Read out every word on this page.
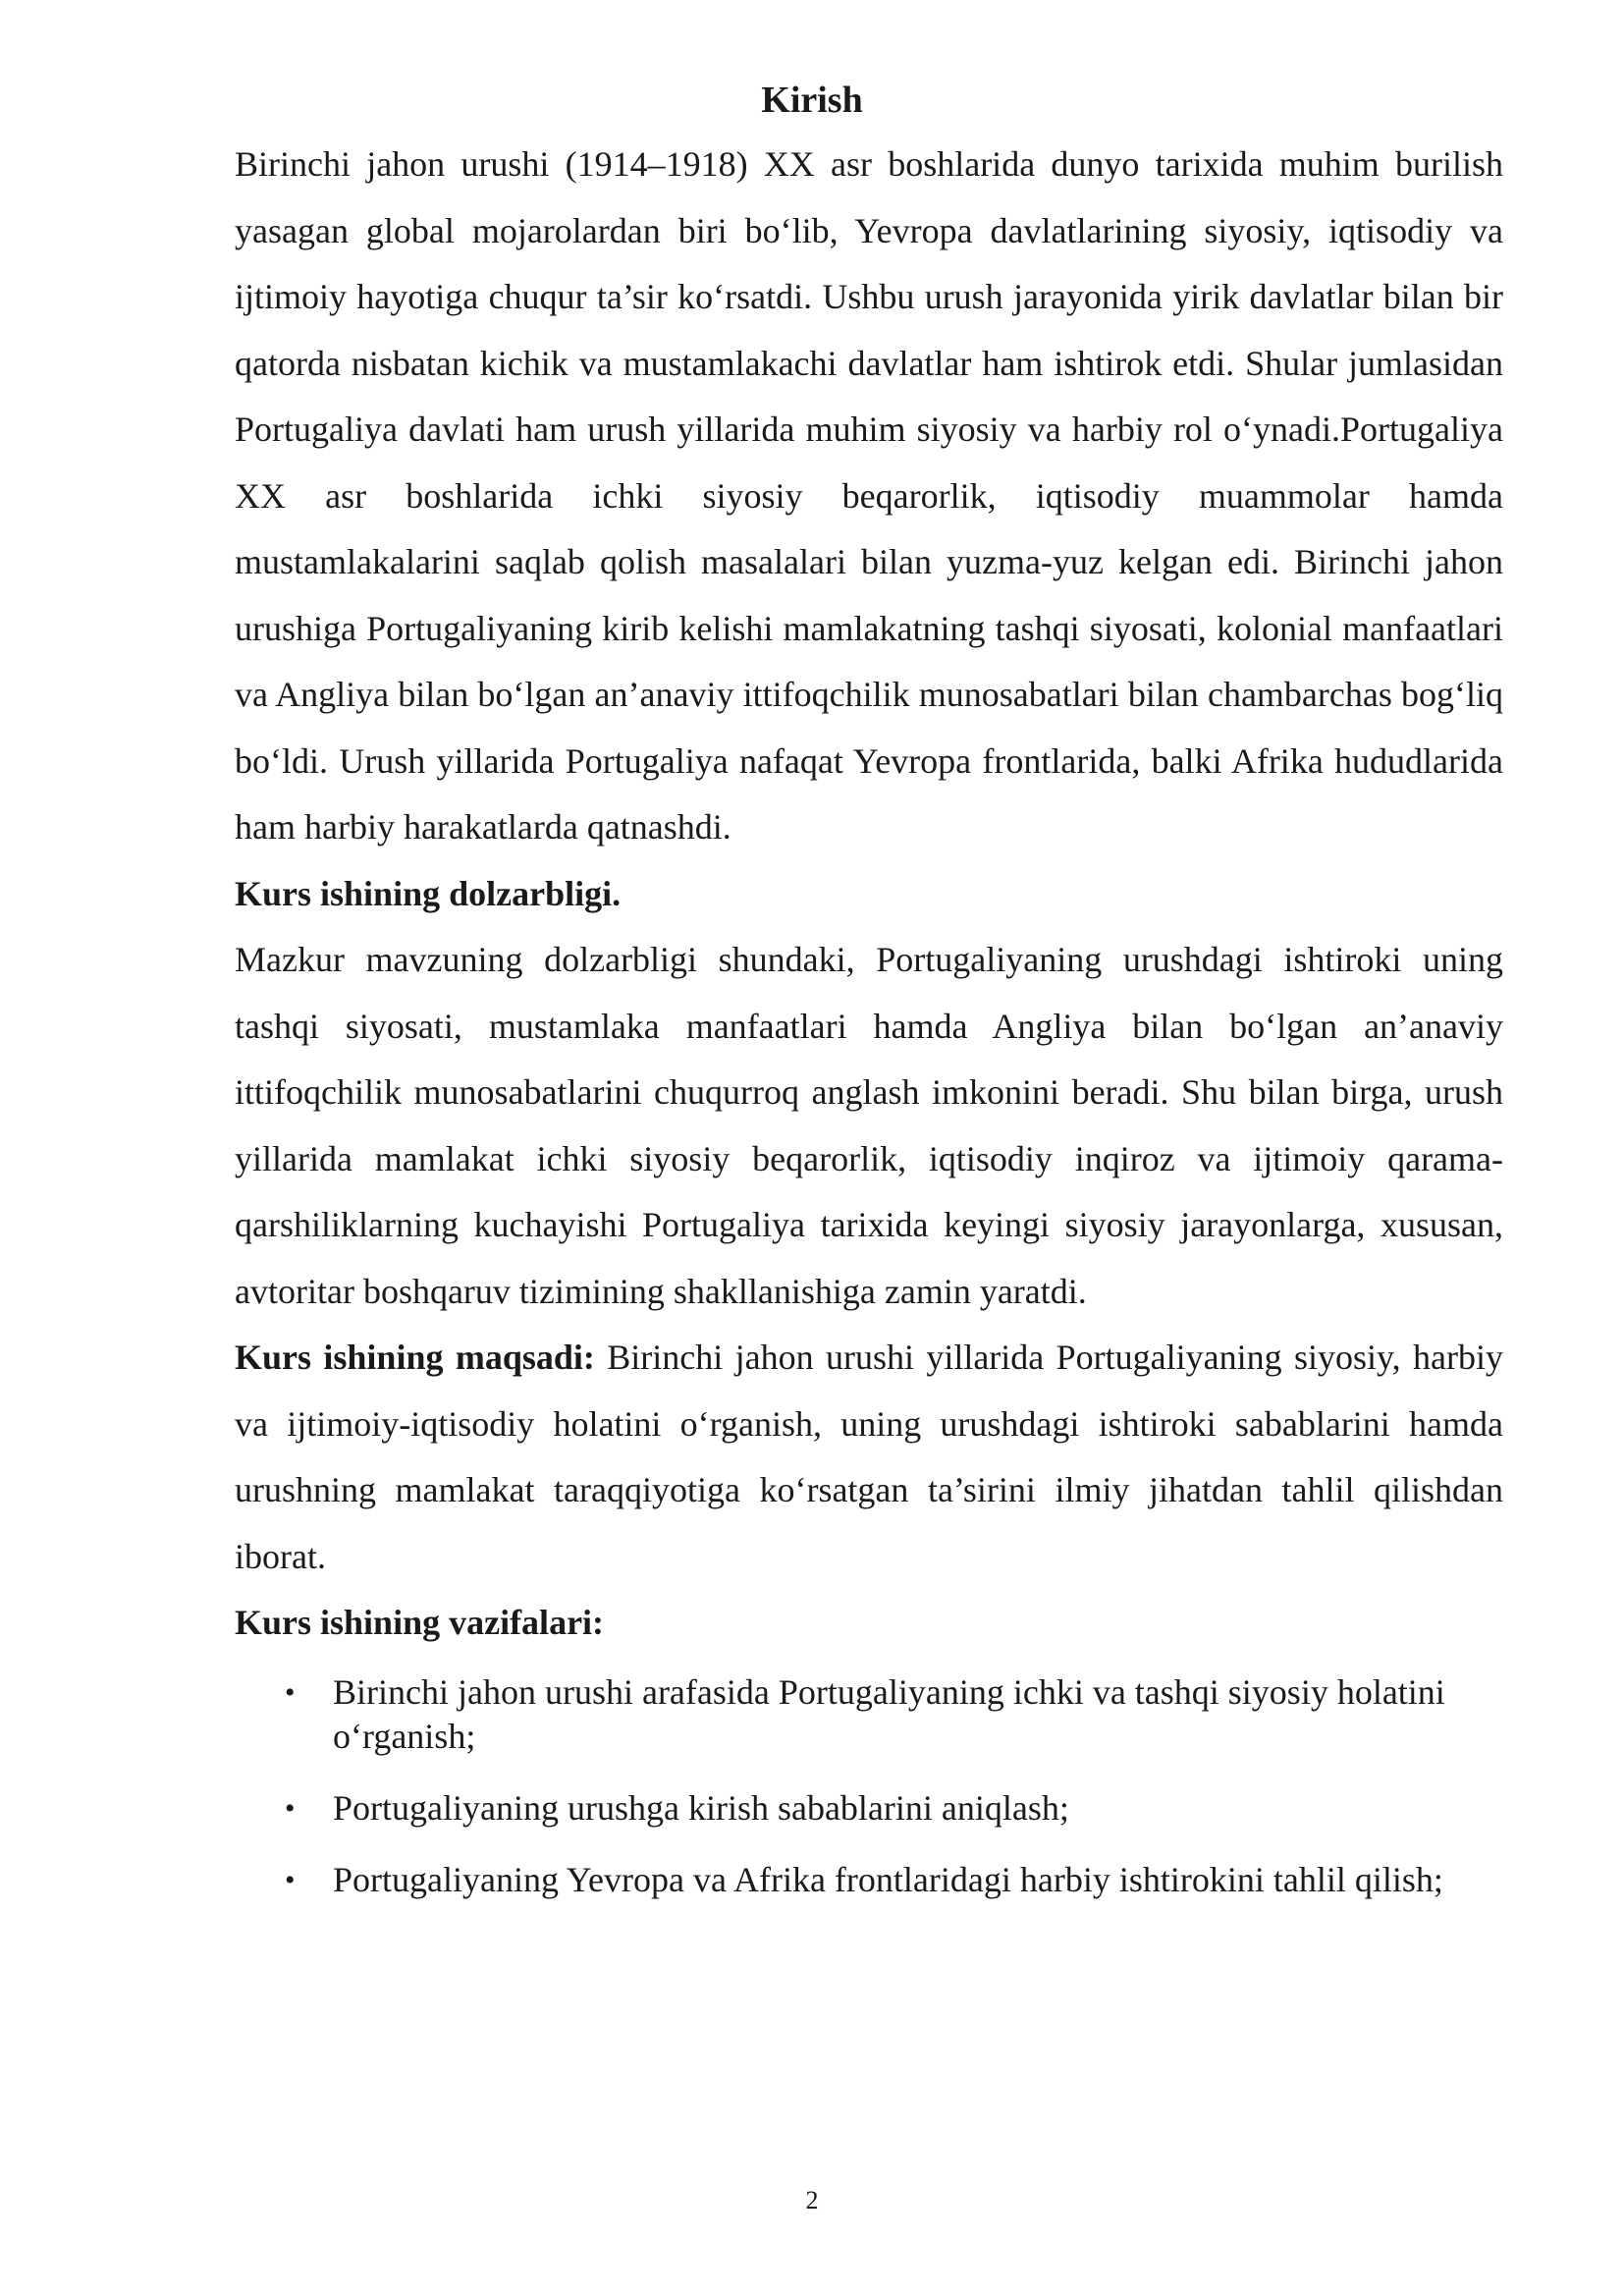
Kirish

Birinchi jahon urushi (1914–1918) XX asr boshlarida dunyo tarixida muhim burilish yasagan global mojarolardan biri bo‘lib, Yevropa davlatlarining siyosiy, iqtisodiy va ijtimoiy hayotiga chuqur ta’sir ko‘rsatdi. Ushbu urush jarayonida yirik davlatlar bilan bir qatorda nisbatan kichik va mustamlakachi davlatlar ham ishtirok etdi. Shular jumlasidan Portugaliya davlati ham urush yillarida muhim siyosiy va harbiy rol o‘ynadi.Portugaliya XX asr boshlarida ichki siyosiy beqarorlik, iqtisodiy muammolar hamda mustamlakalarini saqlab qolish masalalari bilan yuzma-yuz kelgan edi. Birinchi jahon urushiga Portugaliyaning kirib kelishi mamlakatning tashqi siyosati, kolonial manfaatlari va Angliya bilan bo‘lgan an’anaviy ittifoqchilik munosabatlari bilan chambarchas bog‘liq bo‘ldi. Urush yillarida Portugaliya nafaqat Yevropa frontlarida, balki Afrika hududlarida ham harbiy harakatlarda qatnashdi.

Kurs ishining dolzarbligi.

Mazkur mavzuning dolzarbligi shundaki, Portugaliyaning urushdagi ishtiroki uning tashqi siyosati, mustamlaka manfaatlari hamda Angliya bilan bo‘lgan an’anaviy ittifoqchilik munosabatlarini chuqurroq anglash imkonini beradi. Shu bilan birga, urush yillarida mamlakat ichki siyosiy beqarorlik, iqtisodiy inqiroz va ijtimoiy qarama-qarshiliklarning kuchayishi Portugaliya tarixida keyingi siyosiy jarayonlarga, xususan, avtoritar boshqaruv tizimining shakllanishiga zamin yaratdi.

Kurs ishining maqsadi: Birinchi jahon urushi yillarida Portugaliyaning siyosiy, harbiy va ijtimoiy-iqtisodiy holatini o‘rganish, uning urushdagi ishtiroki sabablarini hamda urushning mamlakat taraqqiyotiga ko‘rsatgan ta’sirini ilmiy jihatdan tahlil qilishdan iborat.

Kurs ishining vazifalari:

• Birinchi jahon urushi arafasida Portugaliyaning ichki va tashqi siyosiy holatini o‘rganish;
• Portugaliyaning urushga kirish sabablarini aniqlash;
• Portugaliyaning Yevropa va Afrika frontlaridagi harbiy ishtirokini tahlil qilish;
2
